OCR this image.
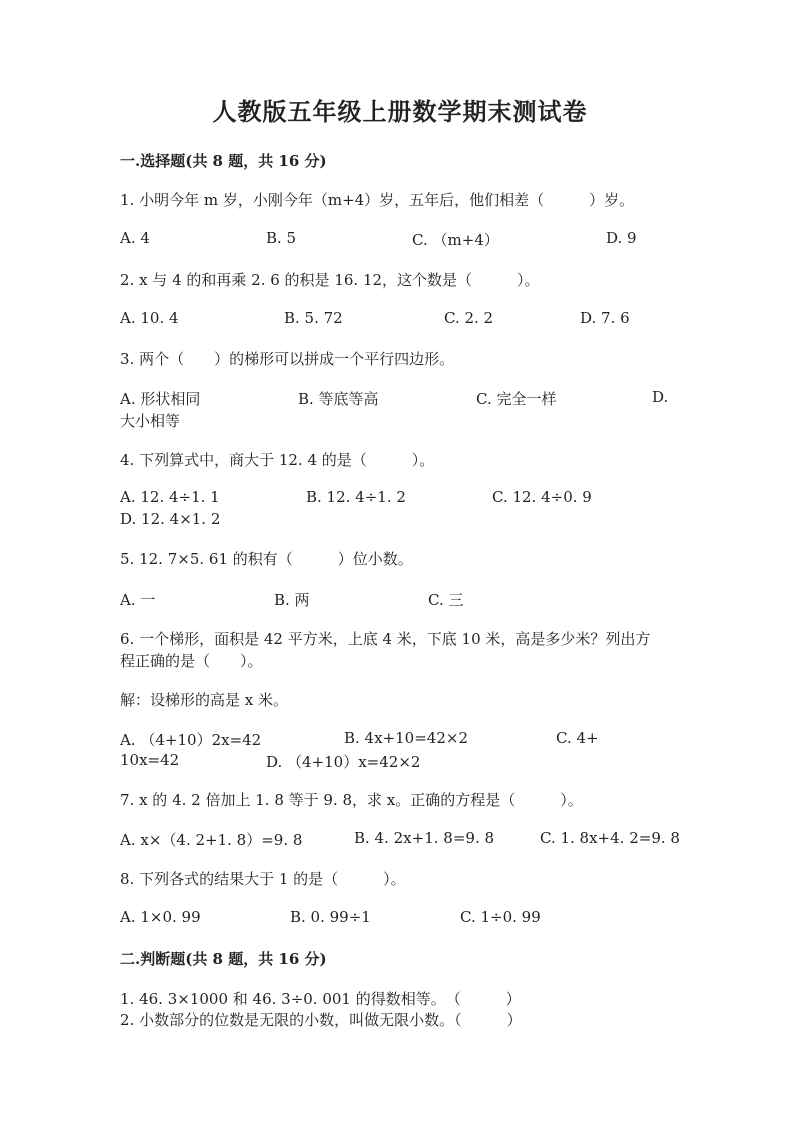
人教版五年级上册数学期末测试卷
一.选择题(共 8 题，共 16 分)
1. 小明今年 m 岁，小刚今年（m+4）岁，五年后，他们相差（　　　）岁。
A. 4	B. 5	C. （m+4）	D. 9
2. x 与 4 的和再乘 2. 6 的积是 16. 12，这个数是（　　　）。
A. 10. 4	B. 5. 72	C. 2. 2	D. 7. 6
3. 两个（　　）的梯形可以拼成一个平行四边形。
A. 形状相同	B. 等底等高	C. 完全一样	D.
大小相等
4. 下列算式中，商大于 12. 4 的是（　　　）。
A. 12. 4÷1. 1	B. 12. 4÷1. 2	C. 12. 4÷0. 9
D. 12. 4×1. 2
5. 12. 7×5. 61 的积有（　　　）位小数。
A. 一	B. 两	C. 三
6. 一个梯形，面积是 42 平方米，上底 4 米，下底 10 米，高是多少米？列出方
程正确的是（　　）。
解：设梯形的高是 x 米。
A. （4+10）2x=42	B. 4x+10=42×2	C. 4+
10x=42	D. （4+10）x=42×2
7. x 的 4. 2 倍加上 1. 8 等于 9. 8，求 x。正确的方程是（　　　）。
A. x×（4. 2+1. 8）=9. 8	B. 4. 2x+1. 8=9. 8	C. 1. 8x+4. 2=9. 8
8. 下列各式的结果大于 1 的是（　　　）。
A. 1×0. 99	B. 0. 99÷1	C. 1÷0. 99
二.判断题(共 8 题，共 16 分)
1. 46. 3×1000 和 46. 3÷0. 001 的得数相等。　（　　　）
2. 小数部分的位数是无限的小数，叫做无限小数。（　　　）
